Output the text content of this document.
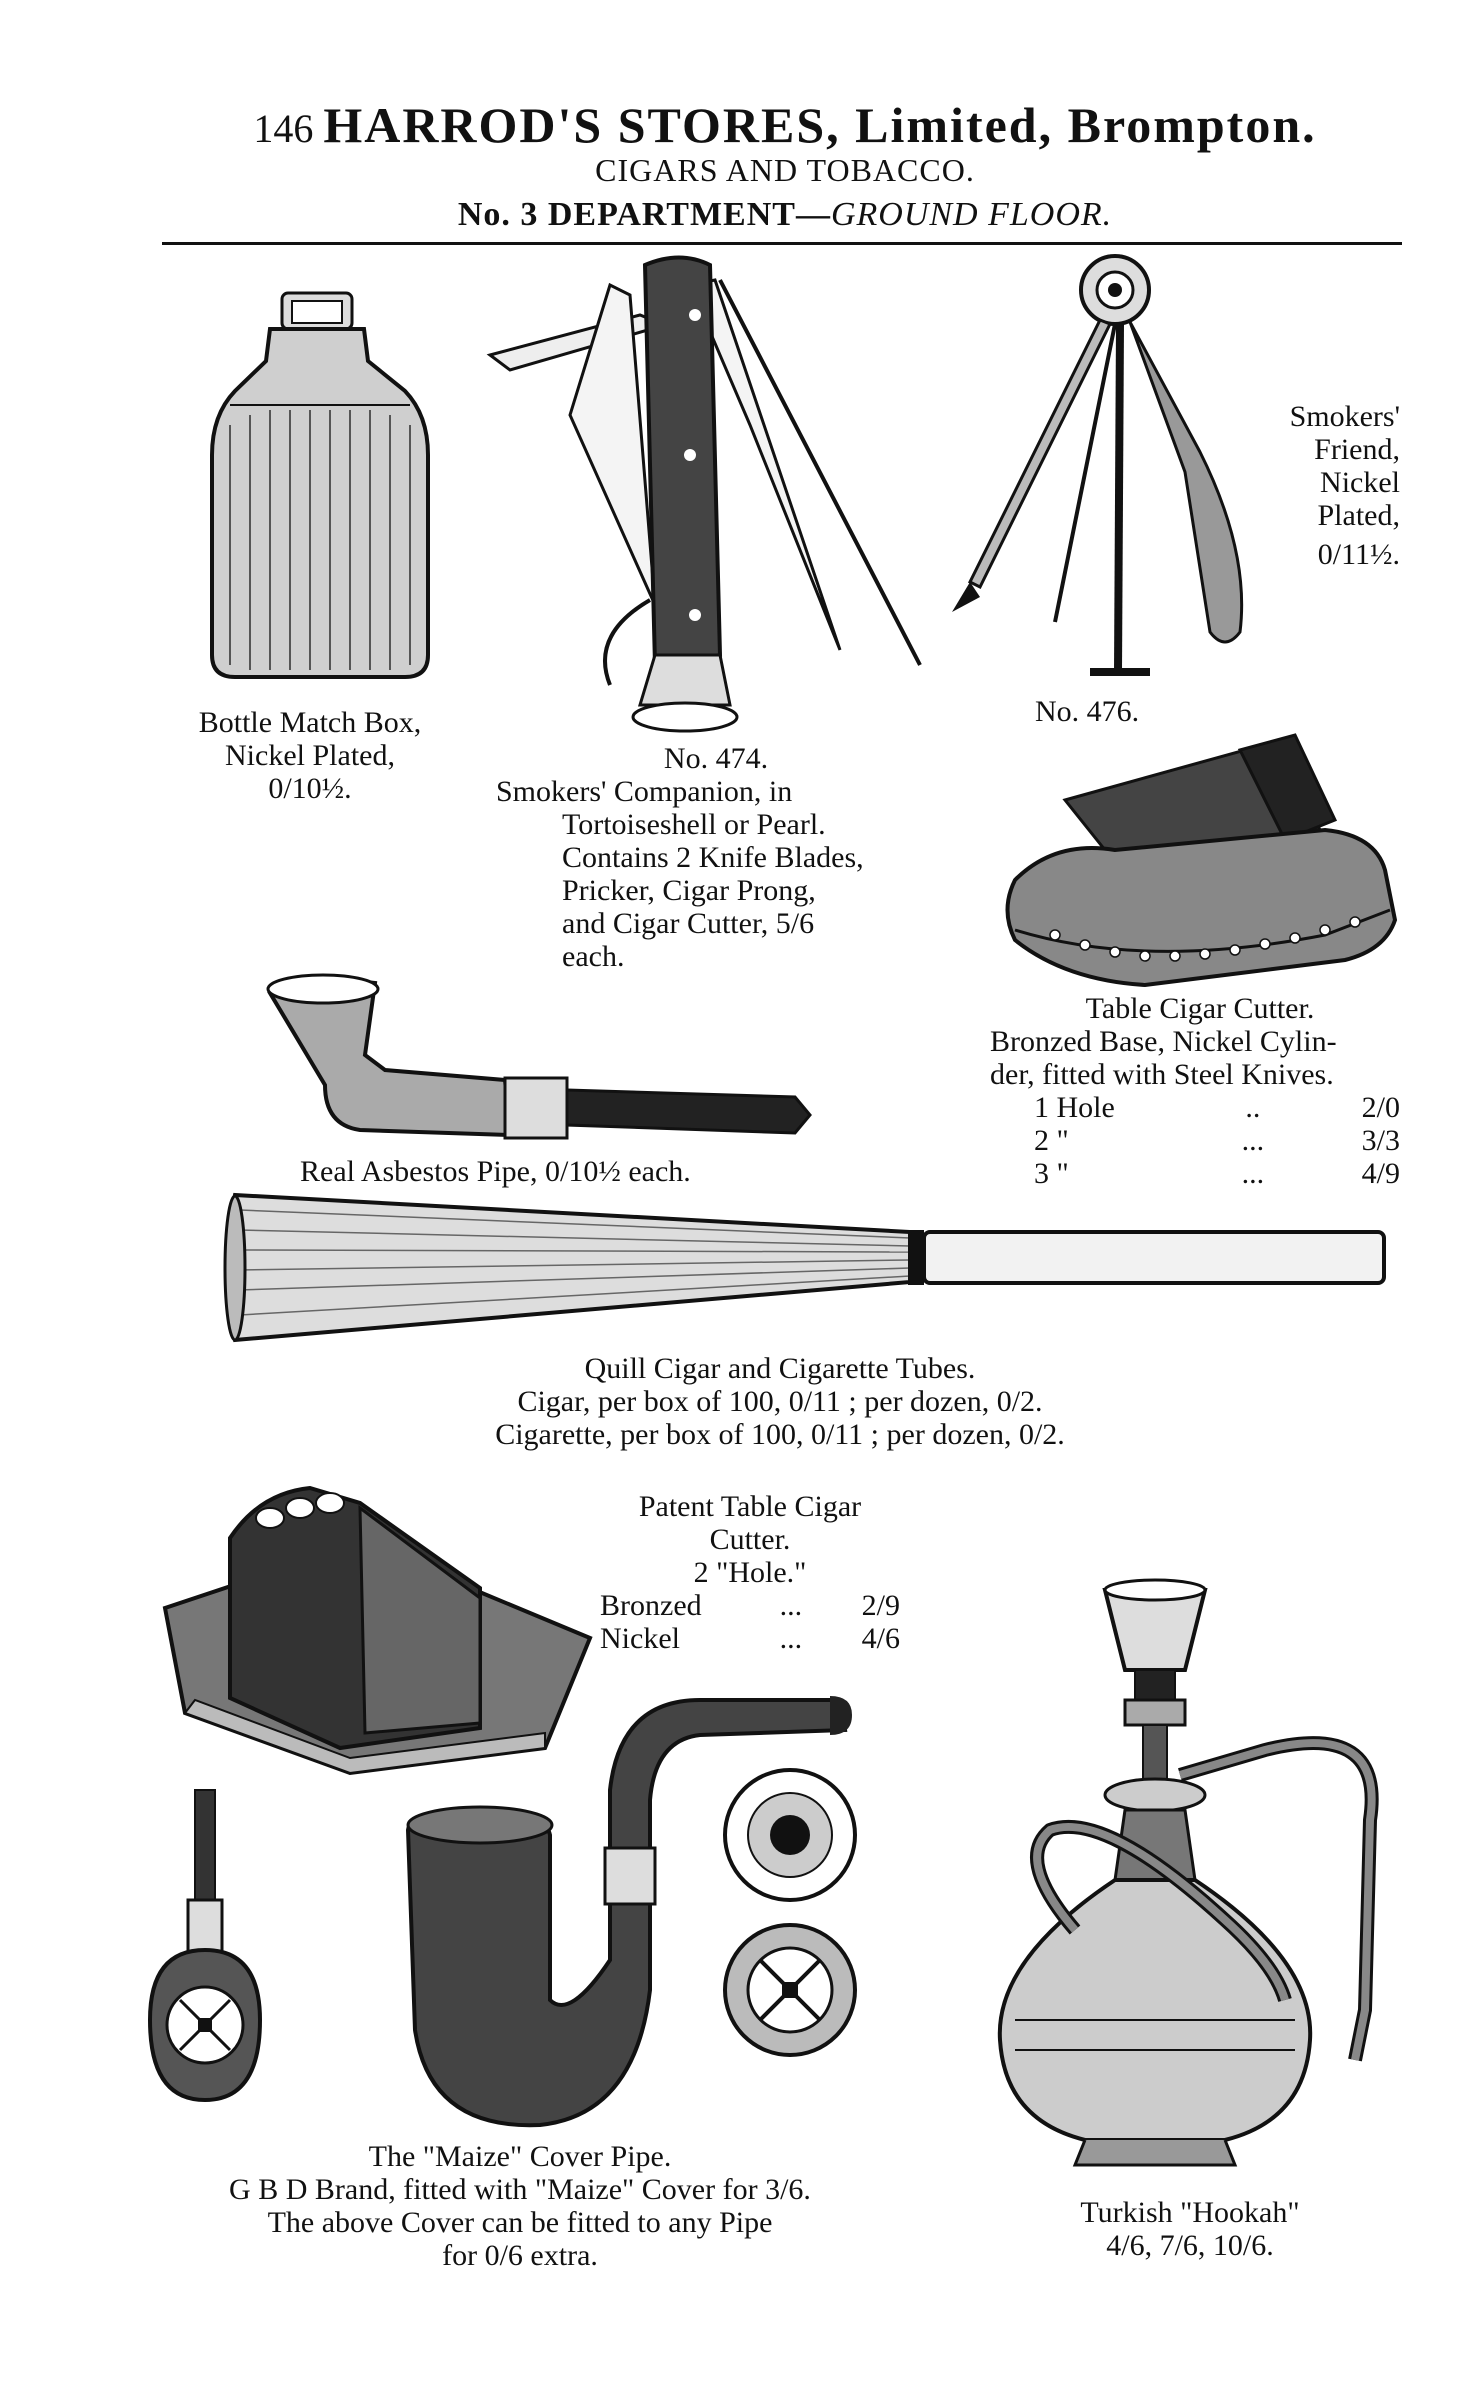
146 HARROD'S STORES, Limited, Brompton.
CIGARS AND TOBACCO.
No. 3 DEPARTMENT—GROUND FLOOR.
Bottle Match Box,
Nickel Plated,
0/10½.
No. 474.
Smokers' Companion, in
Tortoiseshell or Pearl.
Contains 2 Knife Blades,
Pricker, Cigar Prong,
and Cigar Cutter, 5/6
each.
Smokers'
Friend,
Nickel
Plated,
0/11½.
No. 476.
Table Cigar Cutter.
Bronzed Base, Nickel Cylin-
der, fitted with Steel Knives.
1 Hole	..	2/0
2 "	...	3/3
3 "	...	4/9
Real Asbestos Pipe, 0/10½ each.
Quill Cigar and Cigarette Tubes.
Cigar, per box of 100, 0/11 ; per dozen, 0/2.
Cigarette, per box of 100, 0/11 ; per dozen, 0/2.
Patent Table Cigar
Cutter.
2 "Hole."
Bronzed	... 2/9
Nickel	... 4/6
The "Maize" Cover Pipe.
G B D Brand, fitted with "Maize" Cover for 3/6.
The above Cover can be fitted to any Pipe
for 0/6 extra.
Turkish "Hookah"
4/6, 7/6, 10/6.
